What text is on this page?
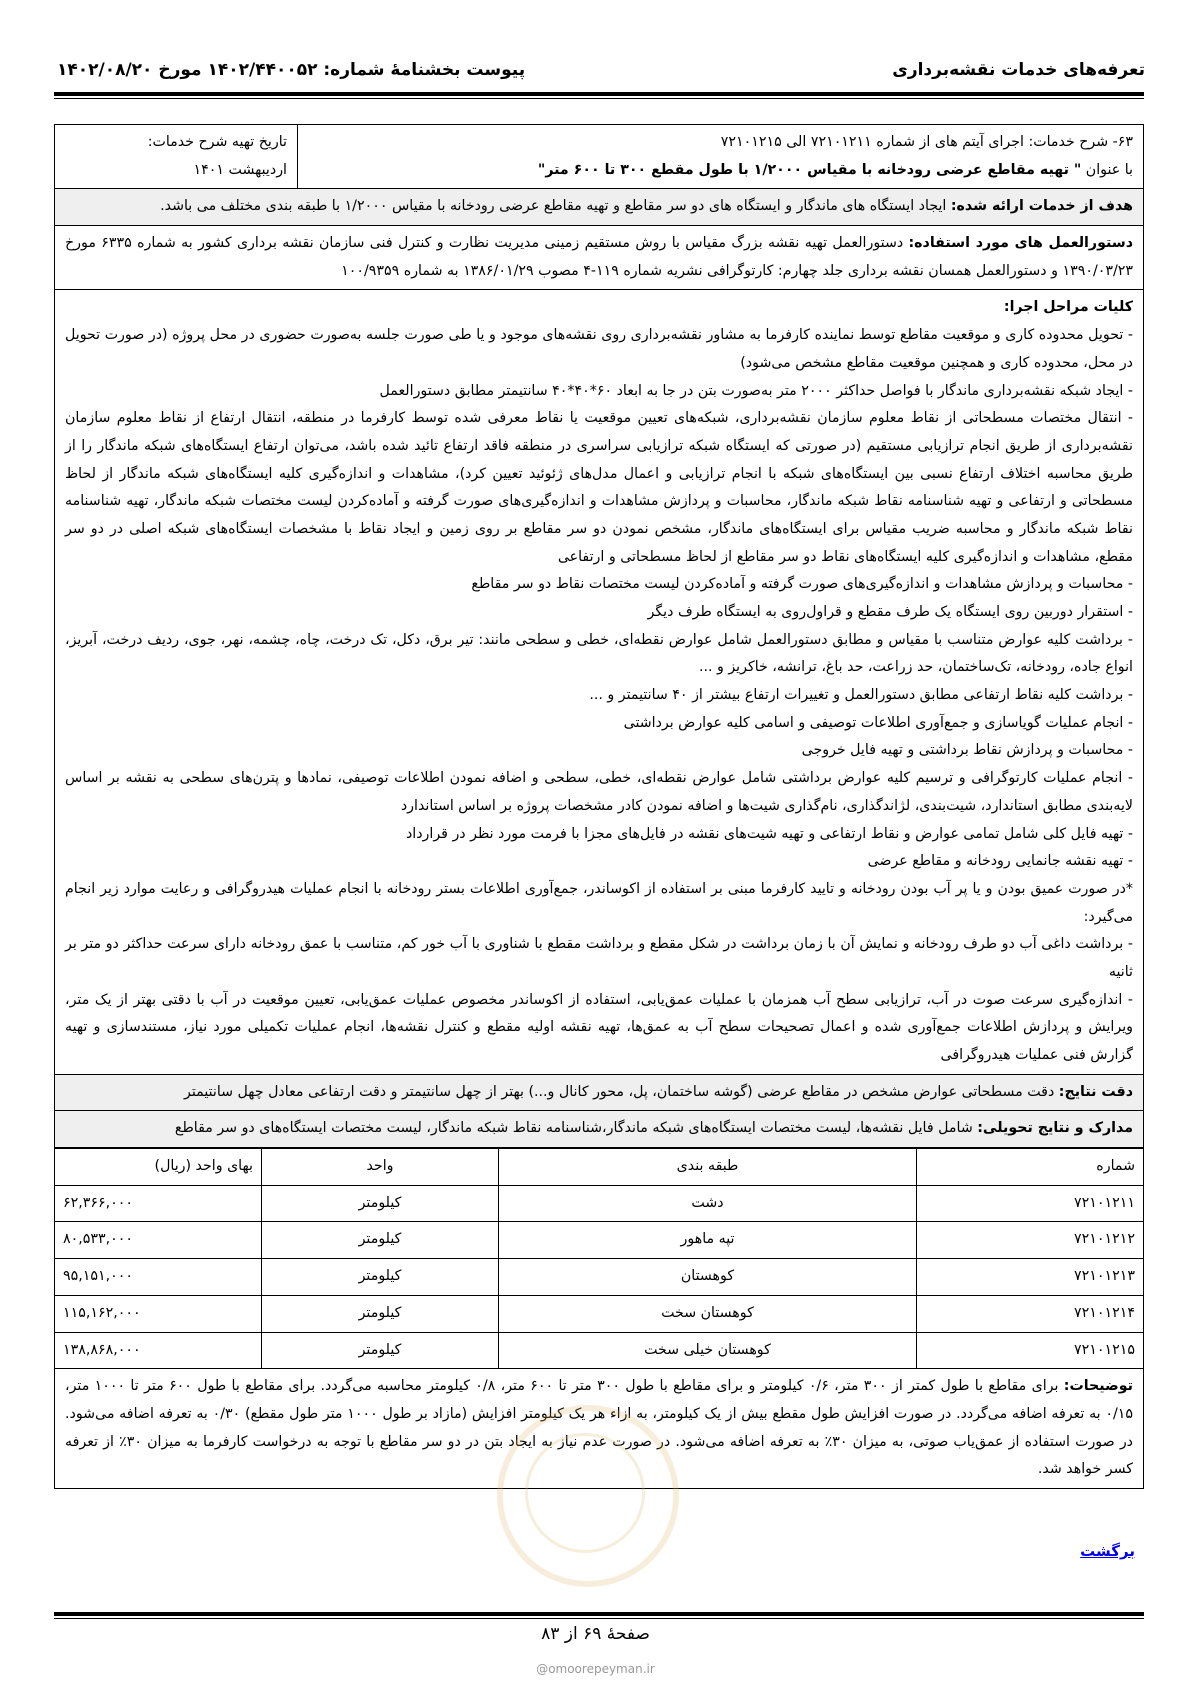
تعرفه‌های خدمات نقشه‌برداری
پیوست بخشنامهٔ شماره: ۱۴۰۲/۴۴۰۰۵۲ مورخ ۱۴۰۲/۰۸/۲۰
۶۳- شرح خدمات: اجرای آیتم های از شماره ۷۲۱۰۱۲۱۱ الی ۷۲۱۰۱۲۱۵
با عنوان " تهیه مقاطع عرضی رودخانه با مقیاس ۱/۲۰۰۰ با طول مقطع ۳۰۰ تا ۶۰۰ متر"
تاریخ تهیه شرح خدمات:
اردیبهشت ۱۴۰۱
هدف از خدمات ارائه شده: ایجاد ایستگاه های ماندگار و ایستگاه های دو سر مقاطع و تهیه مقاطع عرضی رودخانه با مقیاس ۱/۲۰۰۰ با طبقه بندی مختلف می باشد.
دستورالعمل های مورد استفاده: دستورالعمل تهیه نقشه بزرگ مقیاس با روش مستقیم زمینی مدیریت نظارت و کنترل فنی سازمان نقشه برداری کشور به شماره ۶۳۳۵ مورخ ۱۳۹۰/۰۳/۲۳ و دستورالعمل همسان نقشه برداری جلد چهارم: کارتوگرافی نشریه شماره ۱۱۹-۴ مصوب ۱۳۸۶/۰۱/۲۹ به شماره ۱۰۰/۹۳۵۹
کلیات مراحل اجرا:

- تحویل محدوده کاری و موقعیت مقاطع توسط نماینده کارفرما به مشاور نقشه‌برداری روی نقشه‌های موجود و یا طی صورت جلسه به‌صورت حضوری در محل پروژه (در صورت تحویل در محل، محدوده کاری و همچنین موقعیت مقاطع مشخص می‌شود)

- ایجاد شبکه نقشه‌برداری ماندگار با فواصل حداکثر ۲۰۰۰ متر به‌صورت بتن در جا به ابعاد ۶۰*۴۰*۴۰ سانتیمتر مطابق دستورالعمل

- انتقال مختصات مسطحاتی از نقاط معلوم سازمان نقشه‌برداری، شبکه‌های تعیین موقعیت یا نقاط معرفی شده توسط کارفرما در منطقه، انتقال ارتفاع از نقاط معلوم سازمان نقشه‌برداری از طریق انجام ترازیابی مستقیم (در صورتی که ایستگاه شبکه ترازیابی سراسری در منطقه فاقد ارتفاع تائید شده باشد، می‌توان ارتفاع ایستگاه‌های شبکه ماندگار را از طریق محاسبه اختلاف ارتفاع نسبی بین ایستگاه‌های شبکه با انجام ترازیابی و اعمال مدل‌های ژئوئید تعیین کرد)، مشاهدات و اندازه‌گیری کلیه ایستگاه‌های شبکه ماندگار از لحاظ مسطحاتی و ارتفاعی و تهیه شناسنامه نقاط شبکه ماندگار، محاسبات و پردازش مشاهدات و اندازه‌گیری‌های صورت گرفته و آماده‌کردن لیست مختصات شبکه ماندگار، تهیه شناسنامه نقاط شبکه ماندگار و محاسبه ضریب مقیاس برای ایستگاه‌های ماندگار، مشخص نمودن دو سر مقاطع بر روی زمین و ایجاد نقاط با مشخصات ایستگاه‌های شبکه اصلی در دو سر مقطع، مشاهدات و اندازه‌گیری کلیه ایستگاه‌های نقاط دو سر مقاطع از لحاظ مسطحاتی و ارتفاعی

- محاسبات و پردازش مشاهدات و اندازه‌گیری‌های صورت گرفته و آماده‌کردن لیست مختصات نقاط دو سر مقاطع

- استقرار دوربین روی ایستگاه یک طرف مقطع و قراول‌روی به ایستگاه طرف دیگر

- برداشت کلیه عوارض متناسب با مقیاس و مطابق دستورالعمل شامل عوارض نقطه‌ای، خطی و سطحی مانند: تیر برق، دکل، تک درخت، چاه، چشمه، نهر، جوی، ردیف درخت، آبریز، انواع جاده، رودخانه، تک‌ساختمان، حد زراعت، حد باغ، ترانشه، خاکریز و ...

- برداشت کلیه نقاط ارتفاعی مطابق دستورالعمل و تغییرات ارتفاع بیشتر از ۴۰ سانتیمتر و ...

- انجام عملیات گویاسازی و جمع‌آوری اطلاعات توصیفی و اسامی کلیه عوارض برداشتی

- محاسبات و پردازش نقاط برداشتی و تهیه فایل خروجی

- انجام عملیات کارتوگرافی و ترسیم کلیه عوارض برداشتی شامل عوارض نقطه‌ای، خطی، سطحی و اضافه نمودن اطلاعات توصیفی، نمادها و پترن‌های سطحی به نقشه بر اساس لایه‌بندی مطابق استاندارد، شیت‌بندی، لژاندگذاری، نام‌گذاری شیت‌ها و اضافه نمودن کادر مشخصات پروژه بر اساس استاندارد

- تهیه فایل کلی شامل تمامی عوارض و نقاط ارتفاعی و تهیه شیت‌های نقشه در فایل‌های مجزا با فرمت مورد نظر در قرارداد

- تهیه نقشه جانمایی رودخانه و مقاطع عرضی

*در صورت عمیق بودن و یا پر آب بودن رودخانه و تایید کارفرما مبنی بر استفاده از اکوساندر، جمع‌آوری اطلاعات بستر رودخانه با انجام عملیات هیدروگرافی و رعایت موارد زیر انجام می‌گیرد:

- برداشت داغی آب دو طرف رودخانه و نمایش آن با زمان برداشت در شکل مقطع و برداشت مقطع با شناوری با آب خور کم، متناسب با عمق رودخانه دارای سرعت حداکثر دو متر بر ثانیه

- اندازه‌گیری سرعت صوت در آب، ترازیابی سطح آب همزمان با عملیات عمق‌یابی، استفاده از اکوساندر مخصوص عملیات عمق‌یابی، تعیین موقعیت در آب با دقتی بهتر از یک متر، ویرایش و پردازش اطلاعات جمع‌آوری شده و اعمال تصحیحات سطح آب به عمق‌ها، تهیه نقشه اولیه مقطع و کنترل نقشه‌ها، انجام عملیات تکمیلی مورد نیاز، مستندسازی و تهیه گزارش فنی عملیات هیدروگرافی

دقت نتایج: دقت مسطحاتی عوارض مشخص در مقاطع عرضی (گوشه ساختمان، پل، محور کانال و...) بهتر از چهل سانتیمتر و دقت ارتفاعی معادل چهل سانتیمتر
مدارک و نتایج تحویلی: شامل فایل نقشه‌ها، لیست مختصات ایستگاه‌های شبکه ماندگار،شناسنامه نقاط شبکه ماندگار، لیست مختصات ایستگاه‌های دو سر مقاطع
شماره	طبقه بندی	واحد	بهای واحد (ریال)
۷۲۱۰۱۲۱۱	دشت	کیلومتر	۶۲,۳۶۶,۰۰۰
۷۲۱۰۱۲۱۲	تپه ماهور	کیلومتر	۸۰,۵۳۳,۰۰۰
۷۲۱۰۱۲۱۳	کوهستان	کیلومتر	۹۵,۱۵۱,۰۰۰
۷۲۱۰۱۲۱۴	کوهستان سخت	کیلومتر	۱۱۵,۱۶۲,۰۰۰
۷۲۱۰۱۲۱۵	کوهستان خیلی سخت	کیلومتر	۱۳۸,۸۶۸,۰۰۰
توضیحات: برای مقاطع با طول کمتر از ۳۰۰ متر، ۰/۶ کیلومتر و برای مقاطع با طول ۳۰۰ متر تا ۶۰۰ متر، ۰/۸ کیلومتر محاسبه می‌گردد. برای مقاطع با طول ۶۰۰ متر تا ۱۰۰۰ متر، ۰/۱۵ به تعرفه اضافه می‌گردد. در صورت افزایش طول مقطع بیش از یک کیلومتر، به ازاء هر یک کیلومتر افزایش (مازاد بر طول ۱۰۰۰ متر طول مقطع) ۰/۳۰ به تعرفه اضافه می‌شود. در صورت استفاده از عمق‌یاب صوتی، به میزان ۳۰٪ به تعرفه اضافه می‌شود. در صورت عدم نیاز به ایجاد بتن در دو سر مقاطع با توجه به درخواست کارفرما به میزان ۳۰٪ از تعرفه کسر خواهد شد.
برگشت
صفحهٔ ۶۹ از ۸۳
@omoorepeyman.ir
